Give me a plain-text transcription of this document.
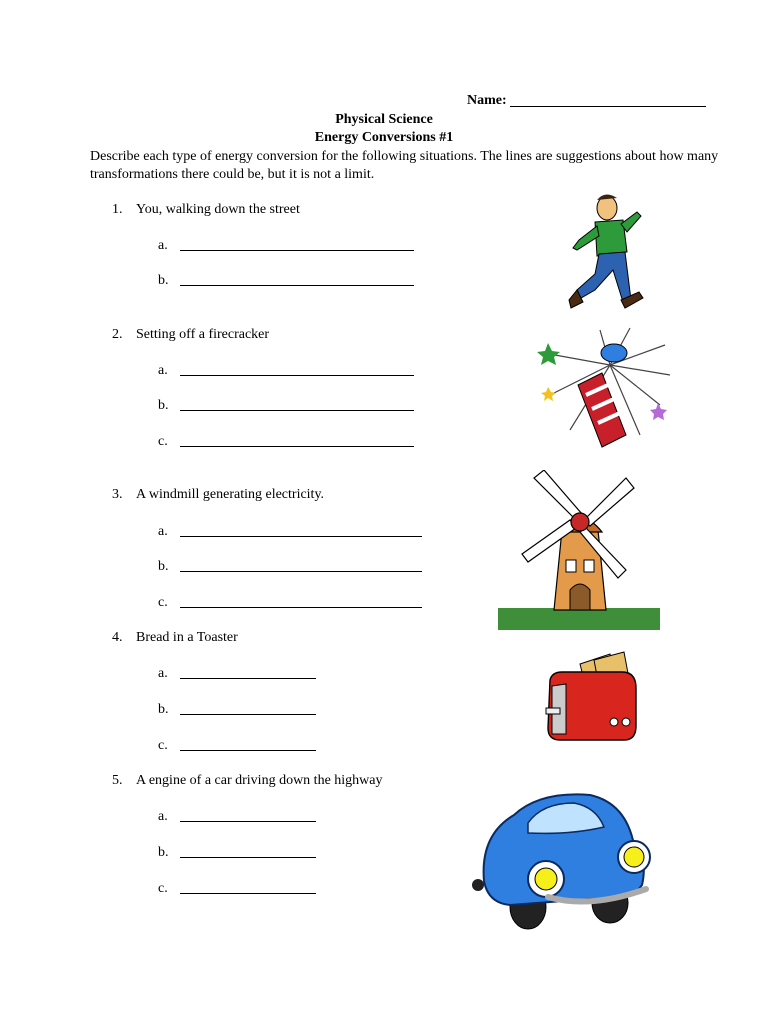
Name:
Physical Science
Energy Conversions #1
Describe each type of energy conversion for the following situations. The lines are suggestions about how many transformations there could be, but it is not a limit.
1. You, walking down the street
a.
b.
2. Setting off a firecracker
a.
b.
c.
3. A windmill generating electricity.
a.
b.
c.
4. Bread in a Toaster
a.
b.
c.
5. A engine of a car driving down the highway
a.
b.
c.
